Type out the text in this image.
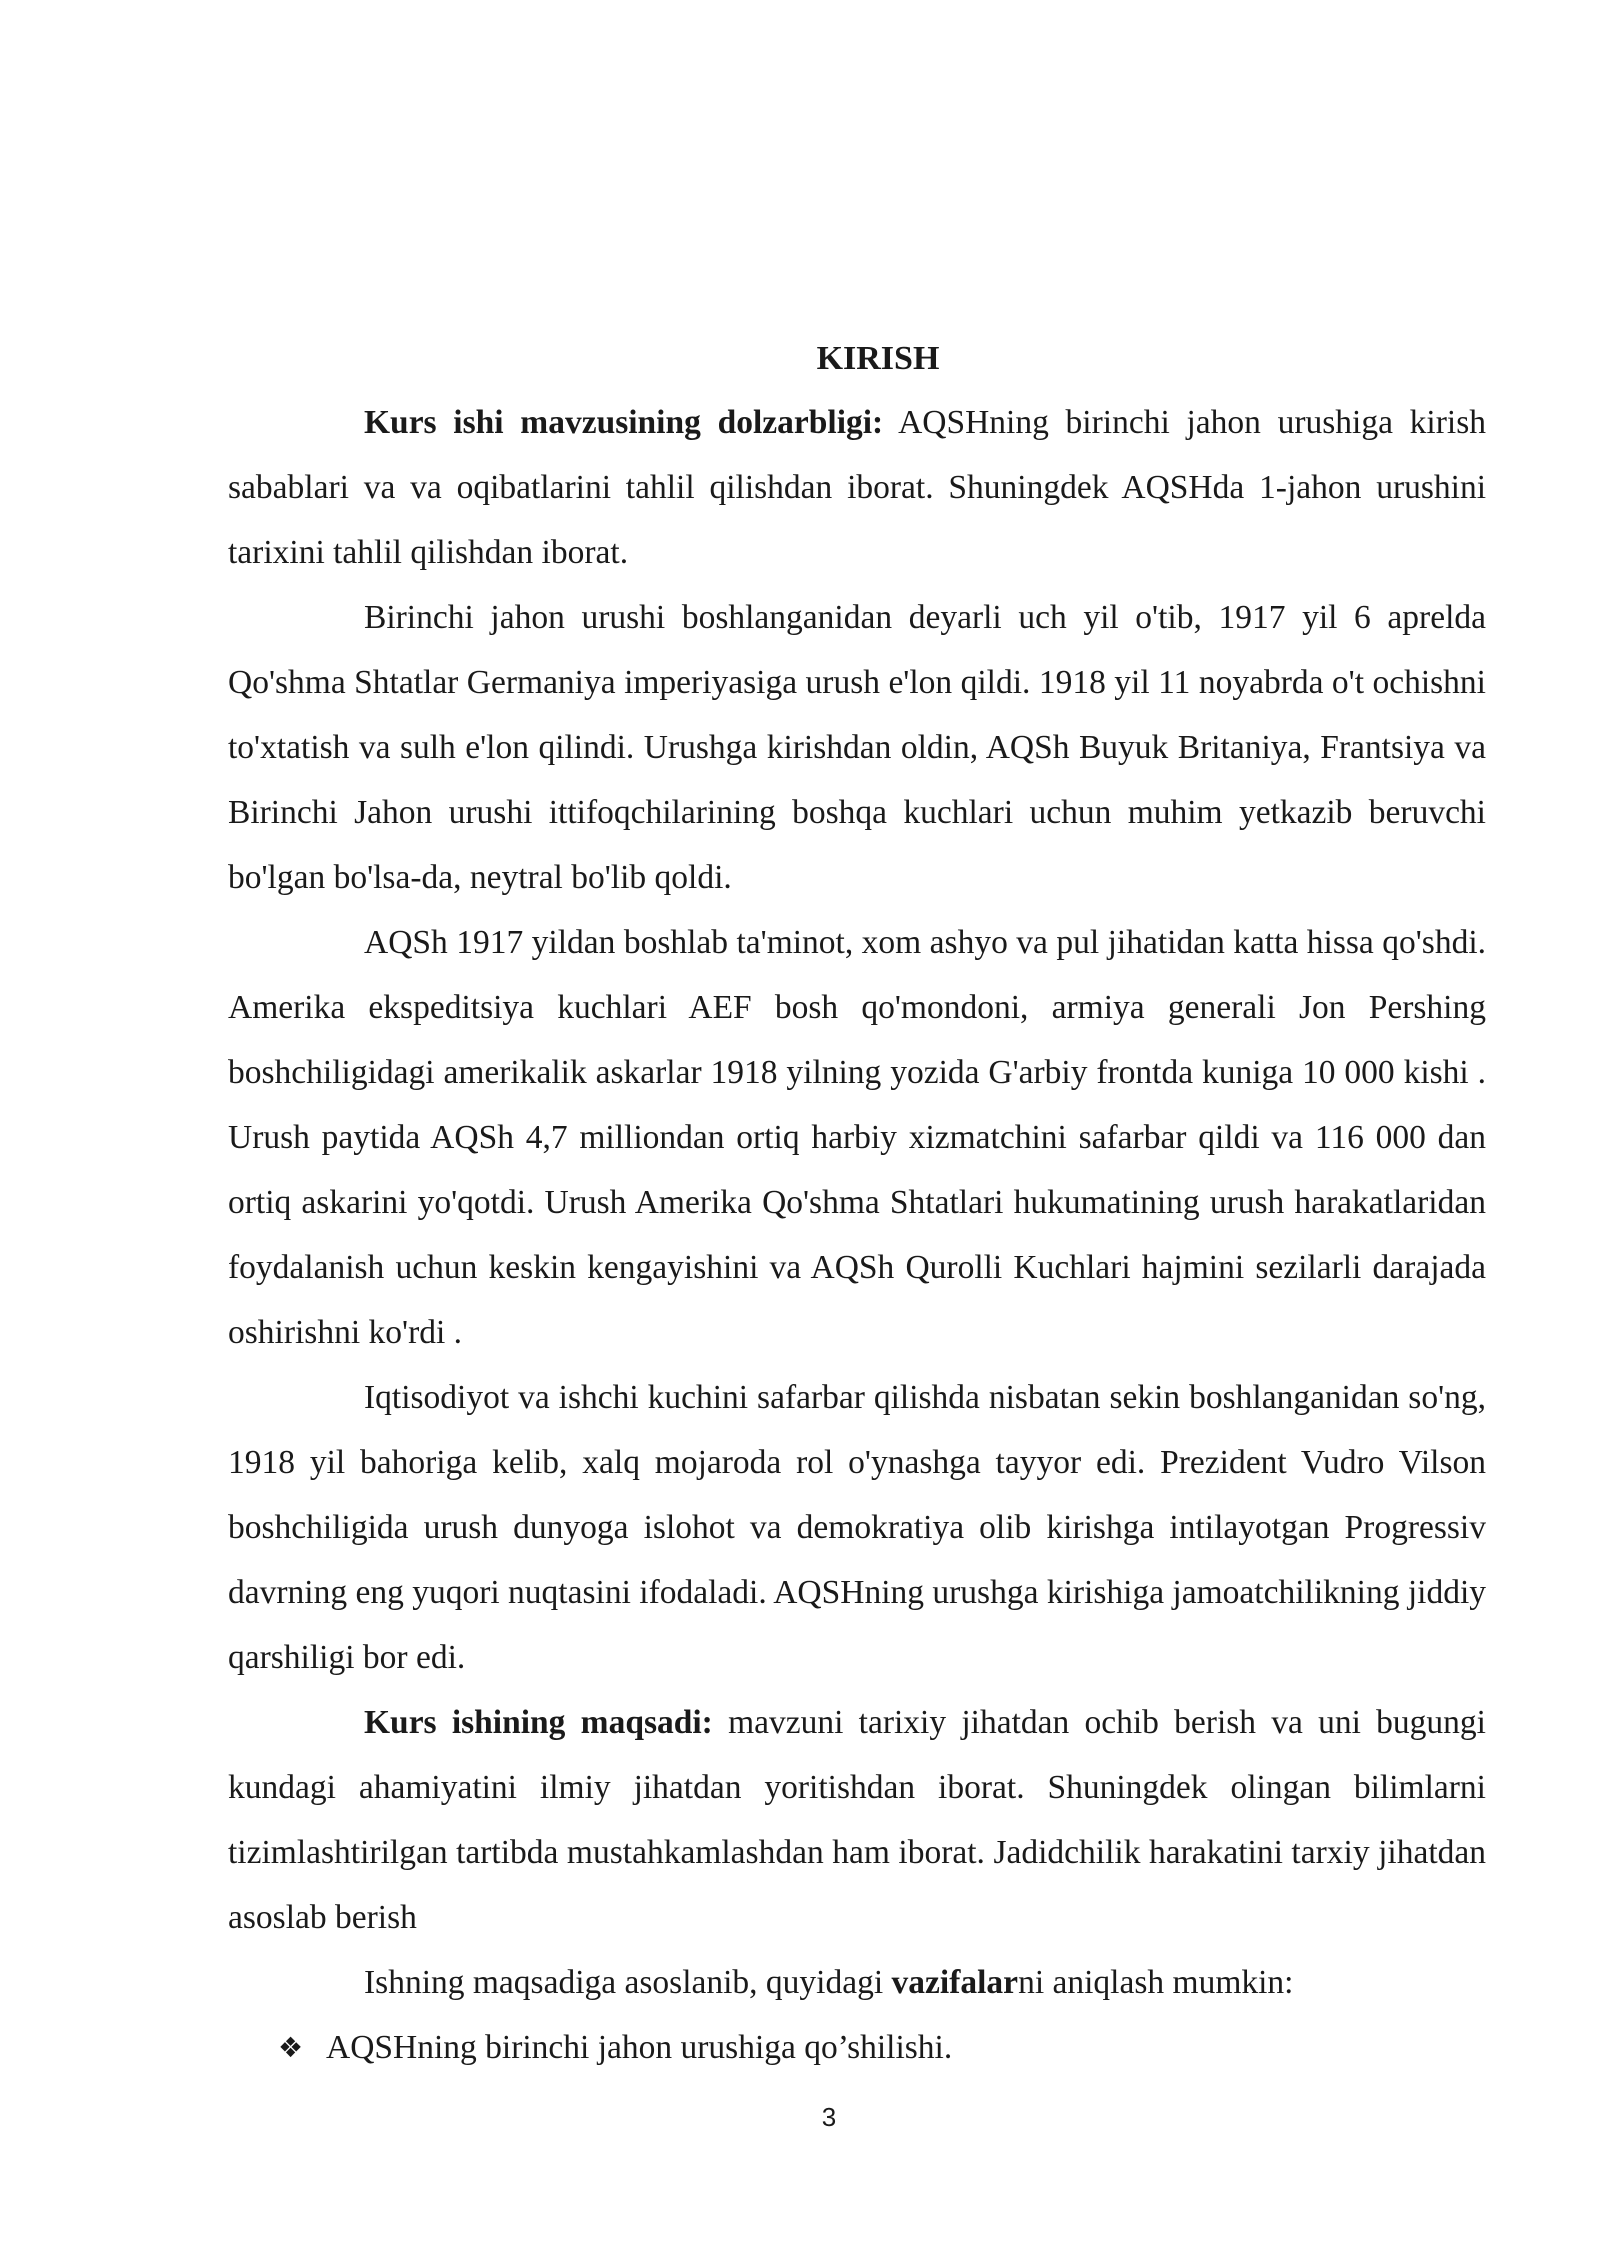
KIRISH

Kurs ishi mavzusining dolzarbligi: AQSHning birinchi jahon urushiga kirish sabablari va va oqibatlarini tahlil qilishdan iborat. Shuningdek AQSHda 1-jahon urushini tarixini tahlil qilishdan iborat.

Birinchi jahon urushi boshlanganidan deyarli uch yil o'tib, 1917 yil 6 aprelda Qo'shma Shtatlar Germaniya imperiyasiga urush e'lon qildi. 1918 yil 11 noyabrda o't ochishni to'xtatish va sulh e'lon qilindi. Urushga kirishdan oldin, AQSh Buyuk Britaniya, Frantsiya va Birinchi Jahon urushi ittifoqchilarining boshqa kuchlari uchun muhim yetkazib beruvchi bo'lgan bo'lsa-da, neytral bo'lib qoldi.

AQSh 1917 yildan boshlab ta'minot, xom ashyo va pul jihatidan katta hissa qo'shdi. Amerika ekspeditsiya kuchlari AEF bosh qo'mondoni, armiya generali Jon Pershing boshchiligidagi amerikalik askarlar 1918 yilning yozida G'arbiy frontda kuniga 10 000 kishi . Urush paytida AQSh 4,7 milliondan ortiq harbiy xizmatchini safarbar qildi va 116 000 dan ortiq askarini yo'qotdi. Urush Amerika Qo'shma Shtatlari hukumatining urush harakatlaridan foydalanish uchun keskin kengayishini va AQSh Qurolli Kuchlari hajmini sezilarli darajada oshirishni ko'rdi .

Iqtisodiyot va ishchi kuchini safarbar qilishda nisbatan sekin boshlanganidan so'ng, 1918 yil bahoriga kelib, xalq mojaroda rol o'ynashga tayyor edi. Prezident Vudro Vilson boshchiligida urush dunyoga islohot va demokratiya olib kirishga intilayotgan Progressiv davrning eng yuqori nuqtasini ifodaladi. AQSHning urushga kirishiga jamoatchilikning jiddiy qarshiligi bor edi.

Kurs ishining maqsadi: mavzuni tarixiy jihatdan ochib berish va uni bugungi kundagi ahamiyatini ilmiy jihatdan yoritishdan iborat. Shuningdek olingan bilimlarni tizimlashtirilgan tartibda mustahkamlashdan ham iborat. Jadidchilik harakatini tarxiy jihatdan asoslab berish

Ishning maqsadiga asoslanib, quyidagi vazifalarni aniqlash mumkin:

❖ AQSHning birinchi jahon urushiga qo’shilishi.
3
